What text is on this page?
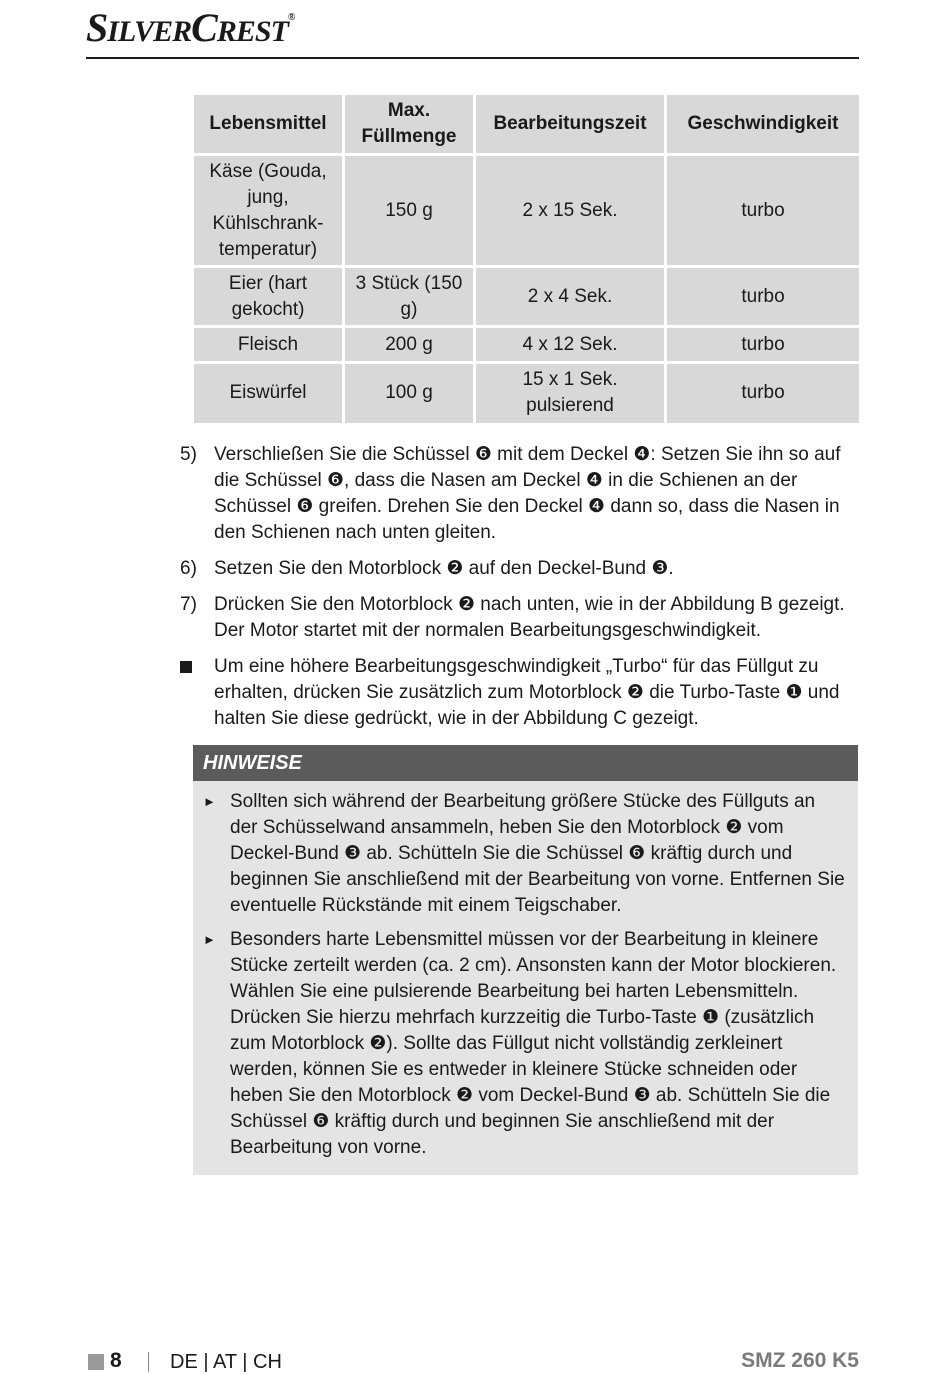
SILVERCREST®
Lebensmittel	Max. Füllmenge	Bearbeitungszeit	Geschwindigkeit
Käse (Gouda, jung, Kühlschrank-temperatur)	150 g	2 x 15 Sek.	turbo
Eier (hart gekocht)	3 Stück (150 g)	2 x 4 Sek.	turbo
Fleisch	200 g	4 x 12 Sek.	turbo
Eiswürfel	100 g	15 x 1 Sek. pulsierend	turbo
5) Verschließen Sie die Schüssel ❻ mit dem Deckel ❹: Setzen Sie ihn so auf die Schüssel ❻, dass die Nasen am Deckel ❹ in die Schienen an der Schüssel ❻ greifen. Drehen Sie den Deckel ❹ dann so, dass die Nasen in den Schienen nach unten gleiten.
6) Setzen Sie den Motorblock ❷ auf den Deckel-Bund ❸.
7) Drücken Sie den Motorblock ❷ nach unten, wie in der Abbildung B gezeigt. Der Motor startet mit der normalen Bearbeitungsgeschwindigkeit.
Um eine höhere Bearbeitungsgeschwindigkeit „Turbo“ für das Füllgut zu erhalten, drücken Sie zusätzlich zum Motorblock ❷ die Turbo-Taste ❶ und halten Sie diese gedrückt, wie in der Abbildung C gezeigt.
HINWEISE
► Sollten sich während der Bearbeitung größere Stücke des Füllguts an der Schüsselwand ansammeln, heben Sie den Motorblock ❷ vom Deckel-Bund ❸ ab. Schütteln Sie die Schüssel ❻ kräftig durch und beginnen Sie anschließend mit der Bearbeitung von vorne. Entfernen Sie eventuelle Rückstände mit einem Teigschaber.
► Besonders harte Lebensmittel müssen vor der Bearbeitung in kleinere Stücke zerteilt werden (ca. 2 cm). Ansonsten kann der Motor blockieren. Wählen Sie eine pulsierende Bearbeitung bei harten Lebensmitteln. Drücken Sie hierzu mehrfach kurzzeitig die Turbo-Taste ❶ (zusätzlich zum Motorblock ❷). Sollte das Füllgut nicht vollständig zerkleinert werden, können Sie es entweder in kleinere Stücke schneiden oder heben Sie den Motorblock ❷ vom Deckel-Bund ❸ ab. Schütteln Sie die Schüssel ❻ kräftig durch und beginnen Sie anschließend mit der Bearbeitung von vorne.
8 DE | AT | CH	SMZ 260 K5
